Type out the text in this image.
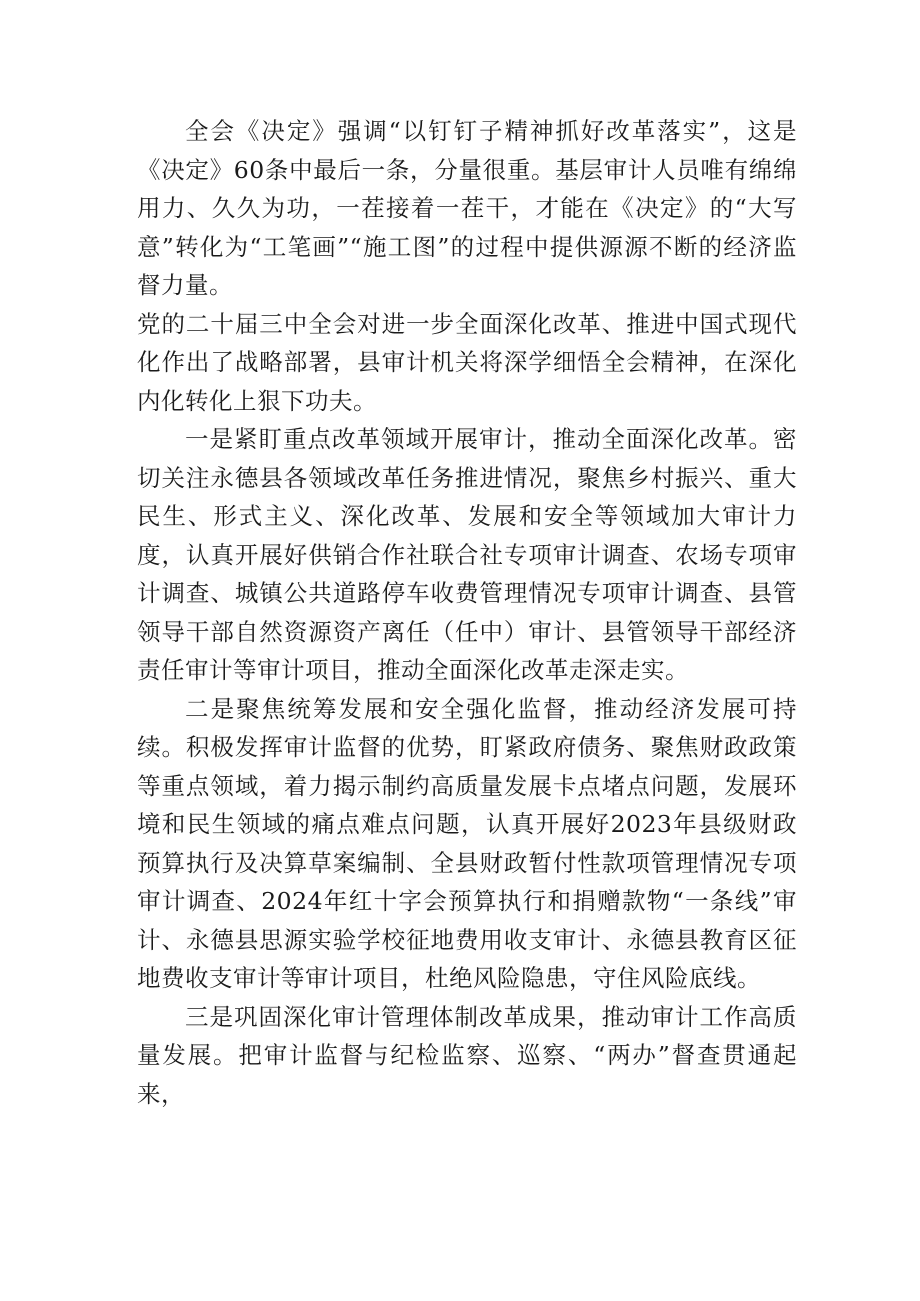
全会《决定》强调“以钉钉子精神抓好改革落实”，这是《决定》60条中最后一条，分量很重。基层审计人员唯有绵绵用力、久久为功，一茬接着一茬干，才能在《决定》的“大写意”转化为“工笔画”“施工图”的过程中提供源源不断的经济监督力量。

党的二十届三中全会对进一步全面深化改革、推进中国式现代化作出了战略部署，县审计机关将深学细悟全会精神，在深化内化转化上狠下功夫。

一是紧盯重点改革领域开展审计，推动全面深化改革。密切关注永德县各领域改革任务推进情况，聚焦乡村振兴、重大民生、形式主义、深化改革、发展和安全等领域加大审计力度，认真开展好供销合作社联合社专项审计调查、农场专项审计调查、城镇公共道路停车收费管理情况专项审计调查、县管领导干部自然资源资产离任（任中）审计、县管领导干部经济责任审计等审计项目，推动全面深化改革走深走实。

二是聚焦统筹发展和安全强化监督，推动经济发展可持续。积极发挥审计监督的优势，盯紧政府债务、聚焦财政政策等重点领域，着力揭示制约高质量发展卡点堵点问题，发展环境和民生领域的痛点难点问题，认真开展好2023年县级财政预算执行及决算草案编制、全县财政暂付性款项管理情况专项审计调查、2024年红十字会预算执行和捐赠款物“一条线”审计、永德县思源实验学校征地费用收支审计、永德县教育区征地费收支审计等审计项目，杜绝风险隐患，守住风险底线。

三是巩固深化审计管理体制改革成果，推动审计工作高质量发展。把审计监督与纪检监察、巡察、“两办”督查贯通起来，
